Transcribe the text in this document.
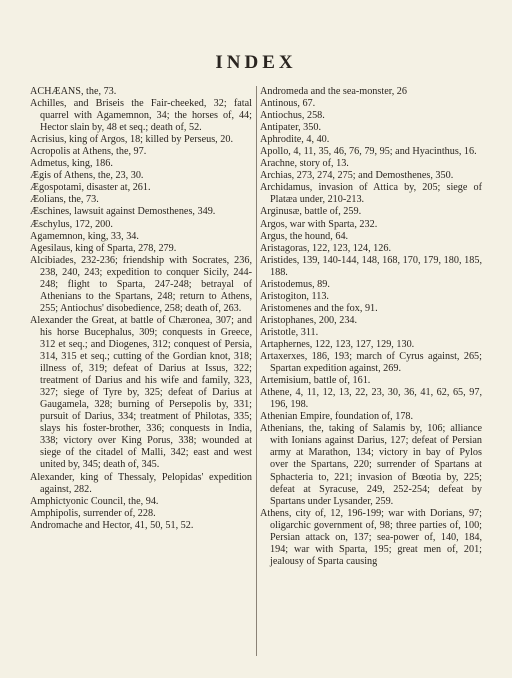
INDEX

ACHÆANS, the, 73.

Achilles, and Briseis the Fair-cheeked, 32; fatal quarrel with Agamemnon, 34; the horses of, 44; Hector slain by, 48 et seq.; death of, 52.

Acrisius, king of Argos, 18; killed by Perseus, 20.

Acropolis at Athens, the, 97.

Admetus, king, 186.

Ægis of Athens, the, 23, 30.

Ægospotami, disaster at, 261.

Æolians, the, 73.

Æschines, lawsuit against Demosthenes, 349.

Æschylus, 172, 200.

Agamemnon, king, 33, 34.

Agesilaus, king of Sparta, 278, 279.

Alcibiades, 232-236; friendship with Socrates, 236, 238, 240, 243; expedition to conquer Sicily, 244-248; flight to Sparta, 247-248; betrayal of Athenians to the Spartans, 248; return to Athens, 255; Antiochus' disobedience, 258; death of, 263.

Alexander the Great, at battle of Chæronea, 307; and his horse Bucephalus, 309; conquests in Greece, 312 et seq.; and Diogenes, 312; conquest of Persia, 314, 315 et seq.; cutting of the Gordian knot, 318; illness of, 319; defeat of Darius at Issus, 322; treatment of Darius and his wife and family, 323, 327; siege of Tyre by, 325; defeat of Darius at Gaugamela, 328; burning of Persepolis by, 331; pursuit of Darius, 334; treatment of Philotas, 335; slays his foster-brother, 336; conquests in India, 338; victory over King Porus, 338; wounded at siege of the citadel of Malli, 342; east and west united by, 345; death of, 345.

Alexander, king of Thessaly, Pelopidas' expedition against, 282.

Amphictyonic Council, the, 94.

Amphipolis, surrender of, 228.

Andromache and Hector, 41, 50, 51, 52.

Andromeda and the sea-monster, 26

Antinous, 67.

Antiochus, 258.

Antipater, 350.

Aphrodite, 4, 40.

Apollo, 4, 11, 35, 46, 76, 79, 95; and Hyacinthus, 16.

Arachne, story of, 13.

Archias, 273, 274, 275; and Demosthenes, 350.

Archidamus, invasion of Attica by, 205; siege of Platæa under, 210-213.

Arginusæ, battle of, 259.

Argos, war with Sparta, 232.

Argus, the hound, 64.

Aristagoras, 122, 123, 124, 126.

Aristides, 139, 140-144, 148, 168, 170, 179, 180, 185, 188.

Aristodemus, 89.

Aristogiton, 113.

Aristomenes and the fox, 91.

Aristophanes, 200, 234.

Aristotle, 311.

Artaphernes, 122, 123, 127, 129, 130.

Artaxerxes, 186, 193; march of Cyrus against, 265; Spartan expedition against, 269.

Artemisium, battle of, 161.

Athene, 4, 11, 12, 13, 22, 23, 30, 36, 41, 62, 65, 97, 196, 198.

Athenian Empire, foundation of, 178.

Athenians, the, taking of Salamis by, 106; alliance with Ionians against Darius, 127; defeat of Persian army at Marathon, 134; victory in bay of Pylos over the Spartans, 220; surrender of Spartans at Sphacteria to, 221; invasion of Bœotia by, 225; defeat at Syracuse, 249, 252-254; defeat by Spartans under Lysander, 259.

Athens, city of, 12, 196-199; war with Dorians, 97; oligarchic government of, 98; three parties of, 100; Persian attack on, 137; sea-power of, 140, 184, 194; war with Sparta, 195; great men of, 201; jealousy of Sparta causing
